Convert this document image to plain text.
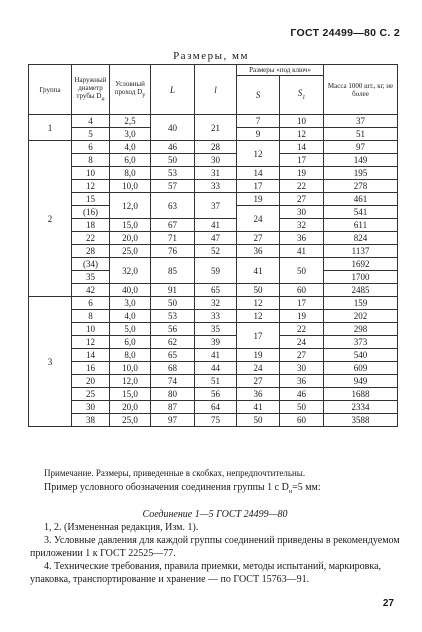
ГОСТ 24499—80 С. 2
Размеры, мм
Группа	Наружный диаметр трубы Dн	Условный проход Dу	L	l	Размеры «под ключ»		Масса 1000 шт., кг, не более
					S	$S_1$
1	4	2,5	40	21	7	10	37
	5	3,0			9	12	51
2	6	4,0	46	28	12	14	97
	8	6,0	50	30		17	149
	10	8,0	53	31	14	19	195
	12	10,0	57	33	17	22	278
	15	12,0	63	37	19	27	461
	(16)				24	30	541
	18	15,0	67	41		32	611
	22	20,0	71	47	27	36	824
	28	25,0	76	52	36	41	1137
	(34)	32,0	85	59	41	50	1692
	35						1700
	42	40,0	91	65	50	60	2485
3	6	3,0	50	32	12	17	159
	8	4,0	53	33	12	19	202
	10	5,0	56	35	17	22	298
	12	6,0	62	39		24	373
	14	8,0	65	41	19	27	540
	16	10,0	68	44	24	30	609
	20	12,0	74	51	27	36	949
	25	15,0	80	56	36	46	1688
	30	20,0	87	64	41	50	2334
	38	25,0	97	75	50	60	3588
Примечание. Размеры, приведенные в скобках, непредпочтительны.
Пример условного обозначения соединения группы 1 с $D_н=5$ мм:
Соединение 1—5 ГОСТ 24499—80
1, 2. (Измененная редакция, Изм. 1).
3. Условные давления для каждой группы соединений приведены в рекомендуемом приложении 1 к ГОСТ 22525—77.
4. Технические требования, правила приемки, методы испытаний, маркировка, упаковка, транспортирование и хранение — по ГОСТ 15763—91.
27
